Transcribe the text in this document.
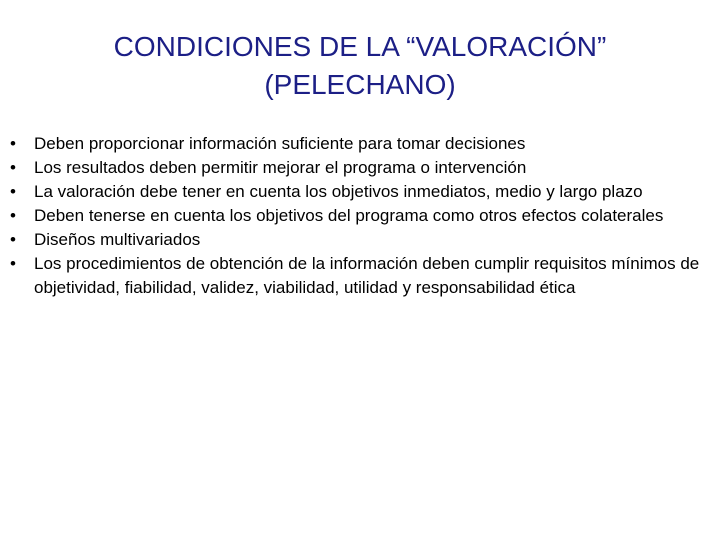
CONDICIONES DE LA “VALORACIÓN”
(PELECHANO)
•	Deben proporcionar información suficiente para tomar decisiones
•	Los resultados deben permitir mejorar el programa o intervención
•	La valoración debe tener en cuenta los objetivos inmediatos, medio y largo plazo
•	Deben tenerse en cuenta los objetivos del programa como otros efectos colaterales
•	Diseños multivariados
•	Los procedimientos de obtención de la información deben cumplir requisitos mínimos de objetividad, fiabilidad, validez, viabilidad, utilidad y responsabilidad ética
